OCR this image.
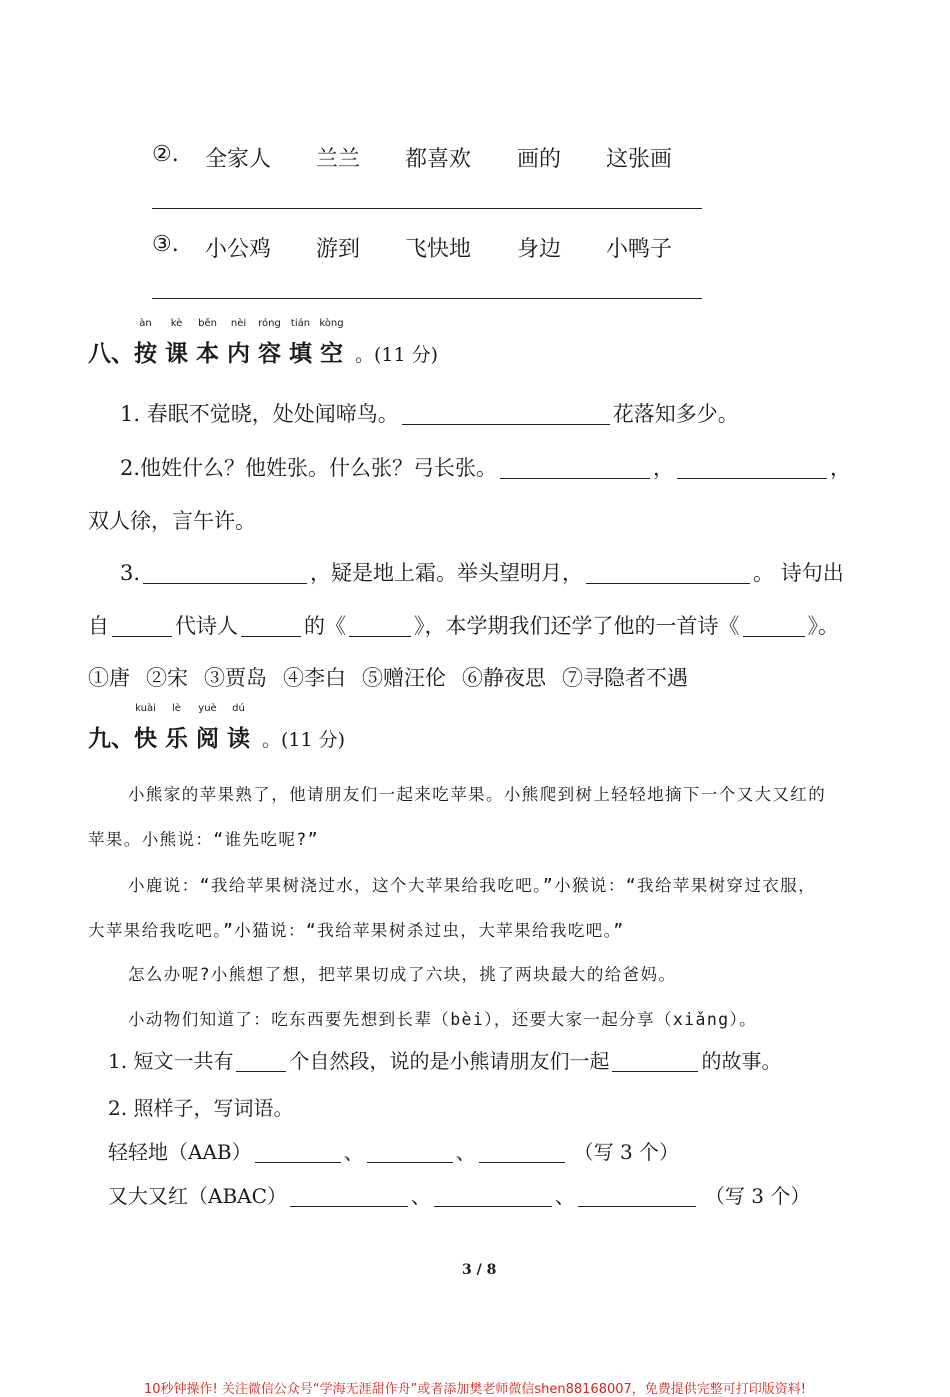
②. 全家人 兰兰 都喜欢 画的 这张画
③. 小公鸡 游到 飞快地 身边 小鸭子
八、
àn
按
kè
课
běn
本
nèi
内
róng
容
tián
填
kòng
空 。(11 分)
1. 春眠不觉晓，处处闻啼鸟。	花落知多少。
2.他姓什么？他姓张。什么张？弓长张。	，	，
双人徐，言午许。
3.	，疑是地上霜。举头望明月，	。 诗句出
自	代诗人	的《	》，本学期我们还学了他的一首诗《	》。
①唐 ②宋 ③贾岛 ④李白 ⑤赠汪伦 ⑥静夜思 ⑦寻隐者不遇
九、
kuài
快
lè
乐
yuè
阅
dú
读 。(11 分)
小熊家的苹果熟了，他请朋友们一起来吃苹果。小熊爬到树上轻轻地摘下一个又大又红的
苹果。小熊说：“谁先吃呢?”
小鹿说：“我给苹果树浇过水，这个大苹果给我吃吧。”小猴说：“我给苹果树穿过衣服，
大苹果给我吃吧。”小猫说：“我给苹果树杀过虫，大苹果给我吃吧。”
怎么办呢?小熊想了想，把苹果切成了六块，挑了两块最大的给爸妈。
小动物们知道了：吃东西要先想到长辈（bèi），还要大家一起分享（xiǎng）。
1. 短文一共有	个自然段，说的是小熊请朋友们一起	的故事。
2. 照样子，写词语。
轻轻地（AAB）	、	、	（写 3 个）
又大又红（ABAC）	、	、	（写 3 个）
3 / 8
10秒钟操作! 关注微信公众号“学海无涯甜作舟”或者添加樊老师微信shen88168007，免费提供完整可打印版资料!
